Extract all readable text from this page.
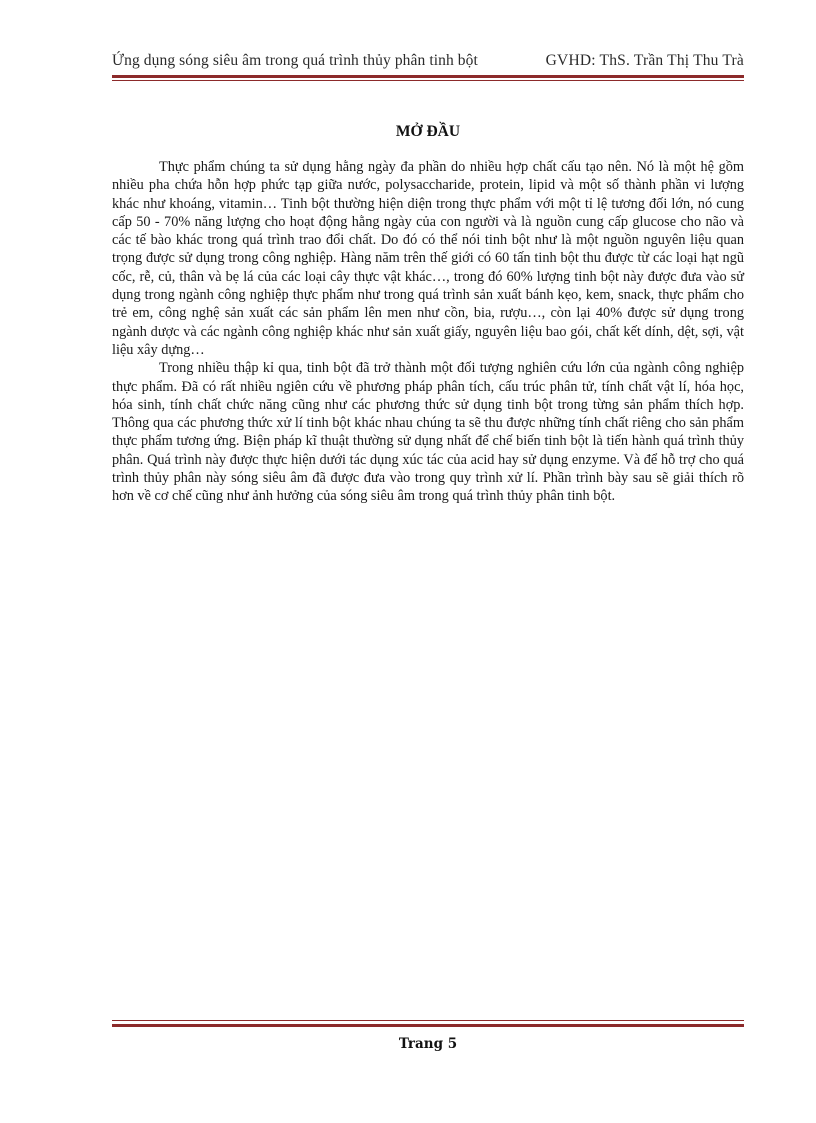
Ứng dụng sóng siêu âm trong quá trình thủy phân tinh bột	GVHD: ThS. Trần Thị Thu Trà
MỞ ĐẦU

Thực phẩm chúng ta sử dụng hằng ngày đa phần do nhiều hợp chất cấu tạo nên. Nó là một hệ gồm nhiều pha chứa hỗn hợp phức tạp giữa nước, polysaccharide, protein, lipid và một số thành phần vi lượng khác như khoáng, vitamin… Tinh bột thường hiện diện trong thực phẩm với một tỉ lệ tương đối lớn, nó cung cấp 50 - 70% năng lượng cho hoạt động hằng ngày của con người và là nguồn cung cấp glucose cho não và các tế bào khác trong quá trình trao đổi chất. Do đó có thể nói tinh bột như là một nguồn nguyên liệu quan trọng được sử dụng trong công nghiệp. Hàng năm trên thế giới có 60 tấn tinh bột thu được từ các loại hạt ngũ cốc, rễ, củ, thân và bẹ lá của các loại cây thực vật khác…, trong đó 60% lượng tinh bột này được đưa vào sử dụng trong ngành công nghiệp thực phẩm như trong quá trình sản xuất bánh kẹo, kem, snack, thực phẩm cho trẻ em, công nghệ sản xuất các sản phẩm lên men như cồn, bia, rượu…, còn lại 40% được sử dụng trong ngành dược và các ngành công nghiệp khác như sản xuất giấy, nguyên liệu bao gói, chất kết dính, dệt, sợi, vật liệu xây dựng…

Trong nhiều thập kỉ qua, tinh bột đã trở thành một đối tượng nghiên cứu lớn của ngành công nghiệp thực phẩm. Đã có rất nhiều ngiên cứu về phương pháp phân tích, cấu trúc phân tử, tính chất vật lí, hóa học, hóa sinh, tính chất chức năng cũng như các phương thức sử dụng tinh bột trong từng sản phẩm thích hợp. Thông qua các phương thức xử lí tinh bột khác nhau chúng ta sẽ thu được những tính chất riêng cho sản phẩm thực phẩm tương ứng. Biện pháp kĩ thuật thường sử dụng nhất để chế biến tinh bột là tiến hành quá trình thủy phân. Quá trình này được thực hiện dưới tác dụng xúc tác của acid hay sử dụng enzyme. Và để hỗ trợ cho quá trình thủy phân này sóng siêu âm đã được đưa vào trong quy trình xử lí. Phần trình bày sau sẽ giải thích rõ hơn về cơ chế cũng như ảnh hưởng của sóng siêu âm trong quá trình thủy phân tinh bột.

Trang 5
